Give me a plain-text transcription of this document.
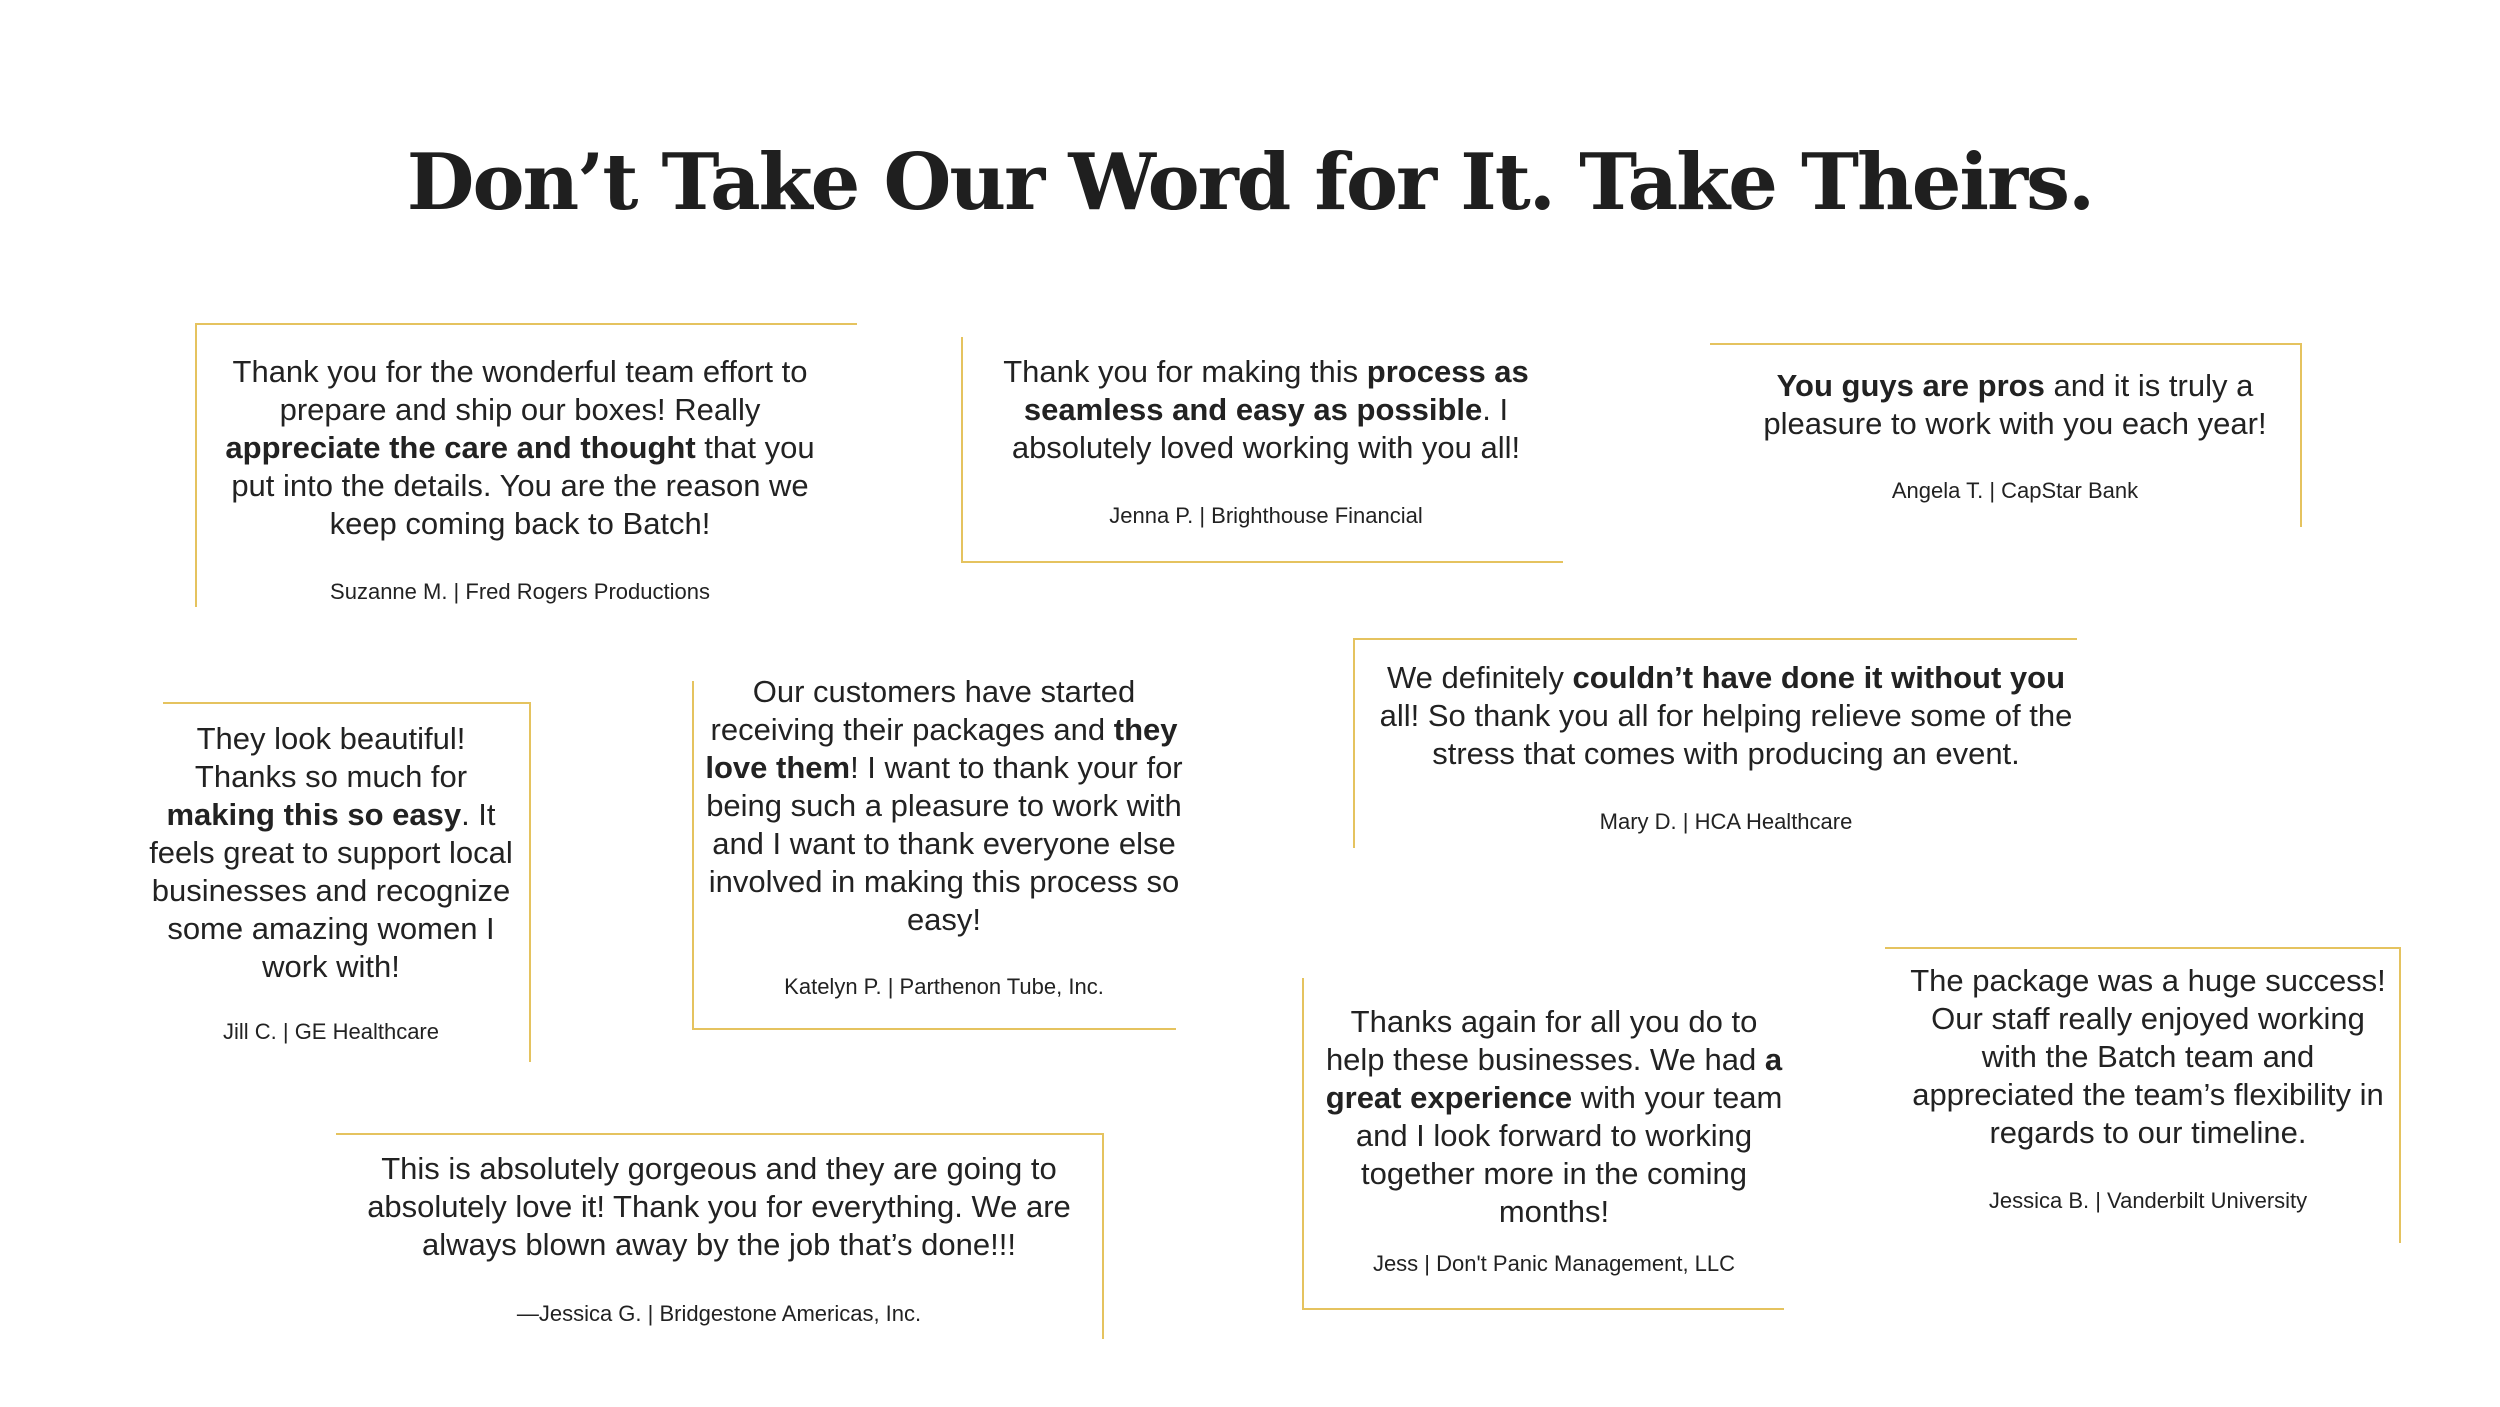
Don’t Take Our Word for It. Take Theirs.

Thank you for the wonderful team effort to prepare and ship our boxes! Really appreciate the care and thought that you put into the details. You are the reason we keep coming back to Batch!

Suzanne M. | Fred Rogers Productions

Thank you for making this process as seamless and easy as possible. I absolutely loved working with you all!

Jenna P. | Brighthouse Financial

You guys are pros and it is truly a pleasure to work with you each year!

Angela T. | CapStar Bank

They look beautiful! Thanks so much for making this so easy. It feels great to support local businesses and recognize some amazing women I work with!

Jill C. | GE Healthcare

Our customers have started receiving their packages and they love them! I want to thank your for being such a pleasure to work with and I want to thank everyone else involved in making this process so easy!

Katelyn P. | Parthenon Tube, Inc.

We definitely couldn’t have done it without you all! So thank you all for helping relieve some of the stress that comes with producing an event.

Mary D. | HCA Healthcare

Thanks again for all you do to help these businesses. We had a great experience with your team and I look forward to working together more in the coming months!

Jess | Don't Panic Management, LLC

The package was a huge success! Our staff really enjoyed working with the Batch team and appreciated the team’s flexibility in regards to our timeline.

Jessica B. | Vanderbilt University

This is absolutely gorgeous and they are going to absolutely love it! Thank you for everything. We are always blown away by the job that’s done!!!

—Jessica G. | Bridgestone Americas, Inc.
